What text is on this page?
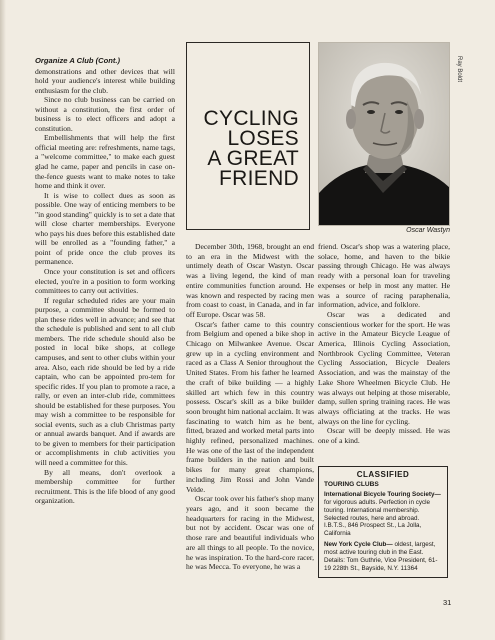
Organize A Club (Cont.)

demonstrations and other devices that will hold your audience's interest while building enthusiasm for the club.

Since no club business can be carried on without a constitution, the first order of business is to elect officers and adopt a constitution.

Embellishments that will help the first official meeting are: refreshments, name tags, a "welcome committee," to make each guest glad he came, paper and pencils in case on-the-fence guests want to make notes to take home and think it over.

It is wise to collect dues as soon as possible. One way of enticing members to be "in good standing" quickly is to set a date that will close charter memberships. Everyone who pays his dues before this established date will be enrolled as a "founding father," a point of pride once the club proves its permanence.

Once your constitution is set and officers elected, you're in a position to form working committees to carry out activities.

If regular scheduled rides are your main purpose, a committee should be formed to plan these rides well in advance; and see that the schedule is published and sent to all club members. The ride schedule should also be posted in local bike shops, at college campuses, and sent to other clubs within your area. Also, each ride should be led by a ride captain, who can be appointed pro-tem for specific rides. If you plan to promote a race, a rally, or even an inter-club ride, committees should be established for these purposes. You may wish a committee to be responsible for social events, such as a club Christmas party or annual awards banquet. And if awards are to be given to members for their participation or accomplishments in club activities you will need a committee for this.

By all means, don't overlook a membership committee for further recruitment. This is the life blood of any good organization.

CYCLING
LOSES
A GREAT
FRIEND
Ray Boldt
Oscar Wastyn

December 30th, 1968, brought an end to an era in the Midwest with the untimely death of Oscar Wastyn. Oscar was a living legend, the kind of man entire communities function around. He was known and respected by racing men from coast to coast, in Canada, and in far off Europe. Oscar was 58.

Oscar's father came to this country from Belgium and opened a bike shop in Chicago on Milwankee Avenue. Oscar grew up in a cycling environment and raced as a Class A Senior throughout the United States. From his father he learned the craft of bike building — a highly skilled art which few in this country possess. Oscar's skill as a bike builder soon brought him national acclaim. It was fascinating to watch him as he bent, fitted, brazed and worked metal parts into highly refined, personalized machines. He was one of the last of the independent frame builders in the nation and built bikes for many great champions, including Jim Rossi and John Vande Velde.

Oscar took over his father's shop many years ago, and it soon became the headquarters for racing in the Midwest, but not by accident. Oscar was one of those rare and beautiful individuals who are all things to all people. To the novice, he was inspiration. To the hard-core racer, he was Mecca. To everyone, he was a

friend. Oscar's shop was a watering place, solace, home, and haven to the bikie passing through Chicago. He was always ready with a personal loan for traveling expenses or help in most any matter. He was a source of racing paraphenalia, information, advice, and folklore.

Oscar was a dedicated and conscientious worker for the sport. He was active in the Amateur Bicycle League of America, Illinois Cycling Association, Northbrook Cycling Committee, Veteran Cycling Association, Bicycle Dealers Association, and was the mainstay of the Lake Shore Wheelmen Bicycle Club. He was always out helping at those miserable, damp, sullen spring training races. He was always officiating at the tracks. He was always on the line for cycling.

Oscar will be deeply missed. He was one of a kind.

CLASSIFIED
TOURING CLUBS
International Bicycle Touring Society— for vigorous adults. Perfection in cycle touring. International membership. Selected routes, here and abroad. I.B.T.S., 846 Prospect St., La Jolla, California
New York Cycle Club— oldest, largest, most active touring club in the East. Details: Tom Guthrie, Vice President, 61-19 228th St., Bayside, N.Y. 11364
31
